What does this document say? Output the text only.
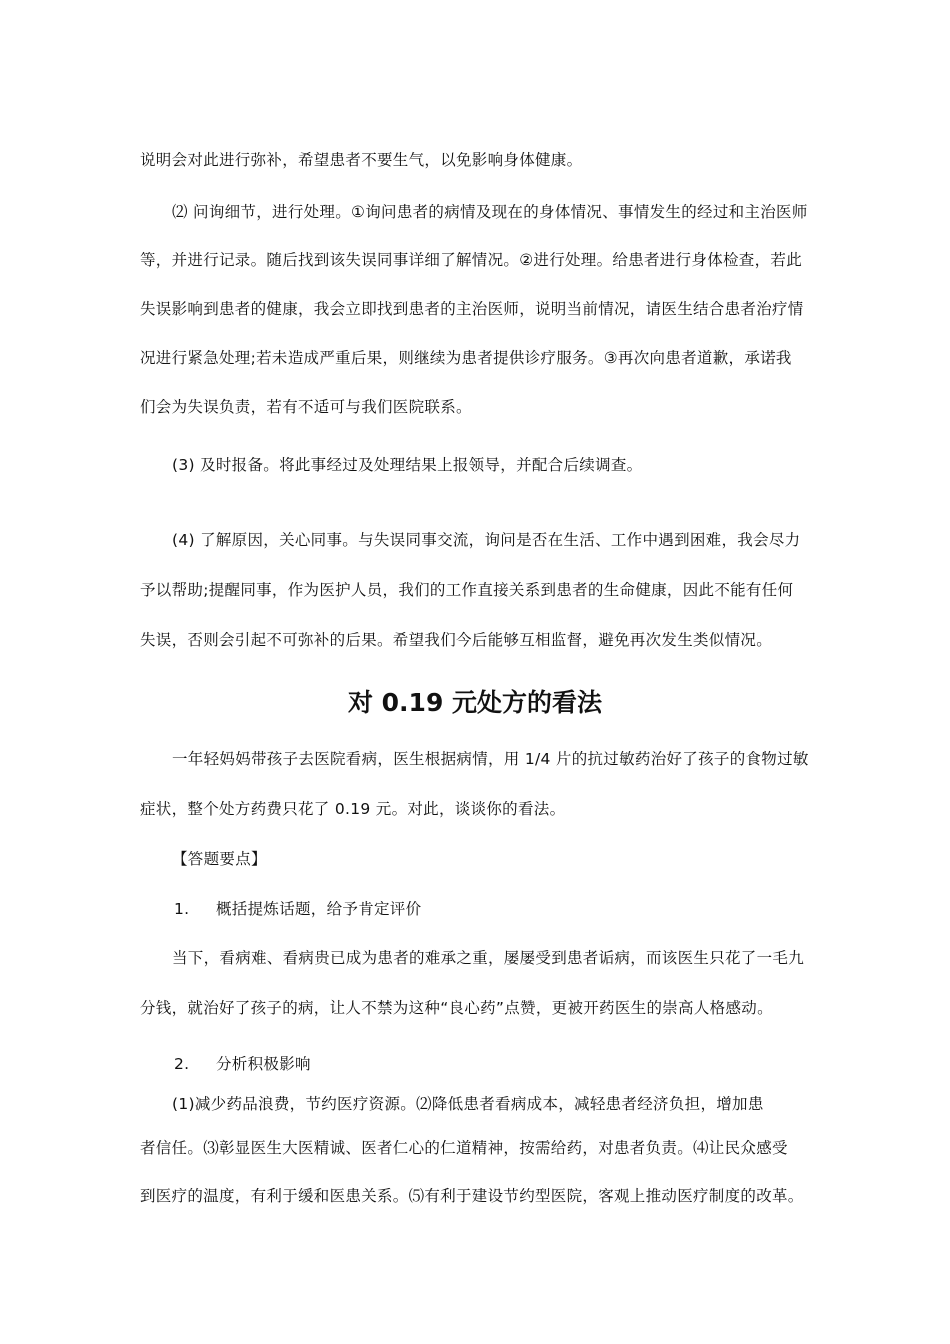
说明会对此进行弥补，希望患者不要生气，以免影响身体健康。
⑵ 问询细节，进行处理。①询问患者的病情及现在的身体情况、事情发生的经过和主治医师
等，并进行记录。随后找到该失误同事详细了解情况。②进行处理。给患者进行身体检查，若此
失误影响到患者的健康，我会立即找到患者的主治医师，说明当前情况，请医生结合患者治疗情
况进行紧急处理;若未造成严重后果，则继续为患者提供诊疗服务。③再次向患者道歉，承诺我
们会为失误负责，若有不适可与我们医院联系。
(3) 及时报备。将此事经过及处理结果上报领导，并配合后续调查。
(4) 了解原因，关心同事。与失误同事交流，询问是否在生活、工作中遇到困难，我会尽力
予以帮助;提醒同事，作为医护人员，我们的工作直接关系到患者的生命健康，因此不能有任何
失误，否则会引起不可弥补的后果。希望我们今后能够互相监督，避免再次发生类似情况。
对 0.19 元处方的看法
一年轻妈妈带孩子去医院看病，医生根据病情，用 1/4 片的抗过敏药治好了孩子的食物过敏
症状，整个处方药费只花了 0.19 元。对此，谈谈你的看法。
【答题要点】
1. 概括提炼话题，给予肯定评价
当下，看病难、看病贵已成为患者的难承之重，屡屡受到患者诟病，而该医生只花了一毛九
分钱，就治好了孩子的病，让人不禁为这种“良心药”点赞，更被开药医生的崇高人格感动。
2. 分析积极影响
(1)减少药品浪费，节约医疗资源。⑵降低患者看病成本，减轻患者经济负担，增加患
者信任。⑶彰显医生大医精诚、医者仁心的仁道精神，按需给药，对患者负责。⑷让民众感受
到医疗的温度，有利于缓和医患关系。⑸有利于建设节约型医院，客观上推动医疗制度的改革。
